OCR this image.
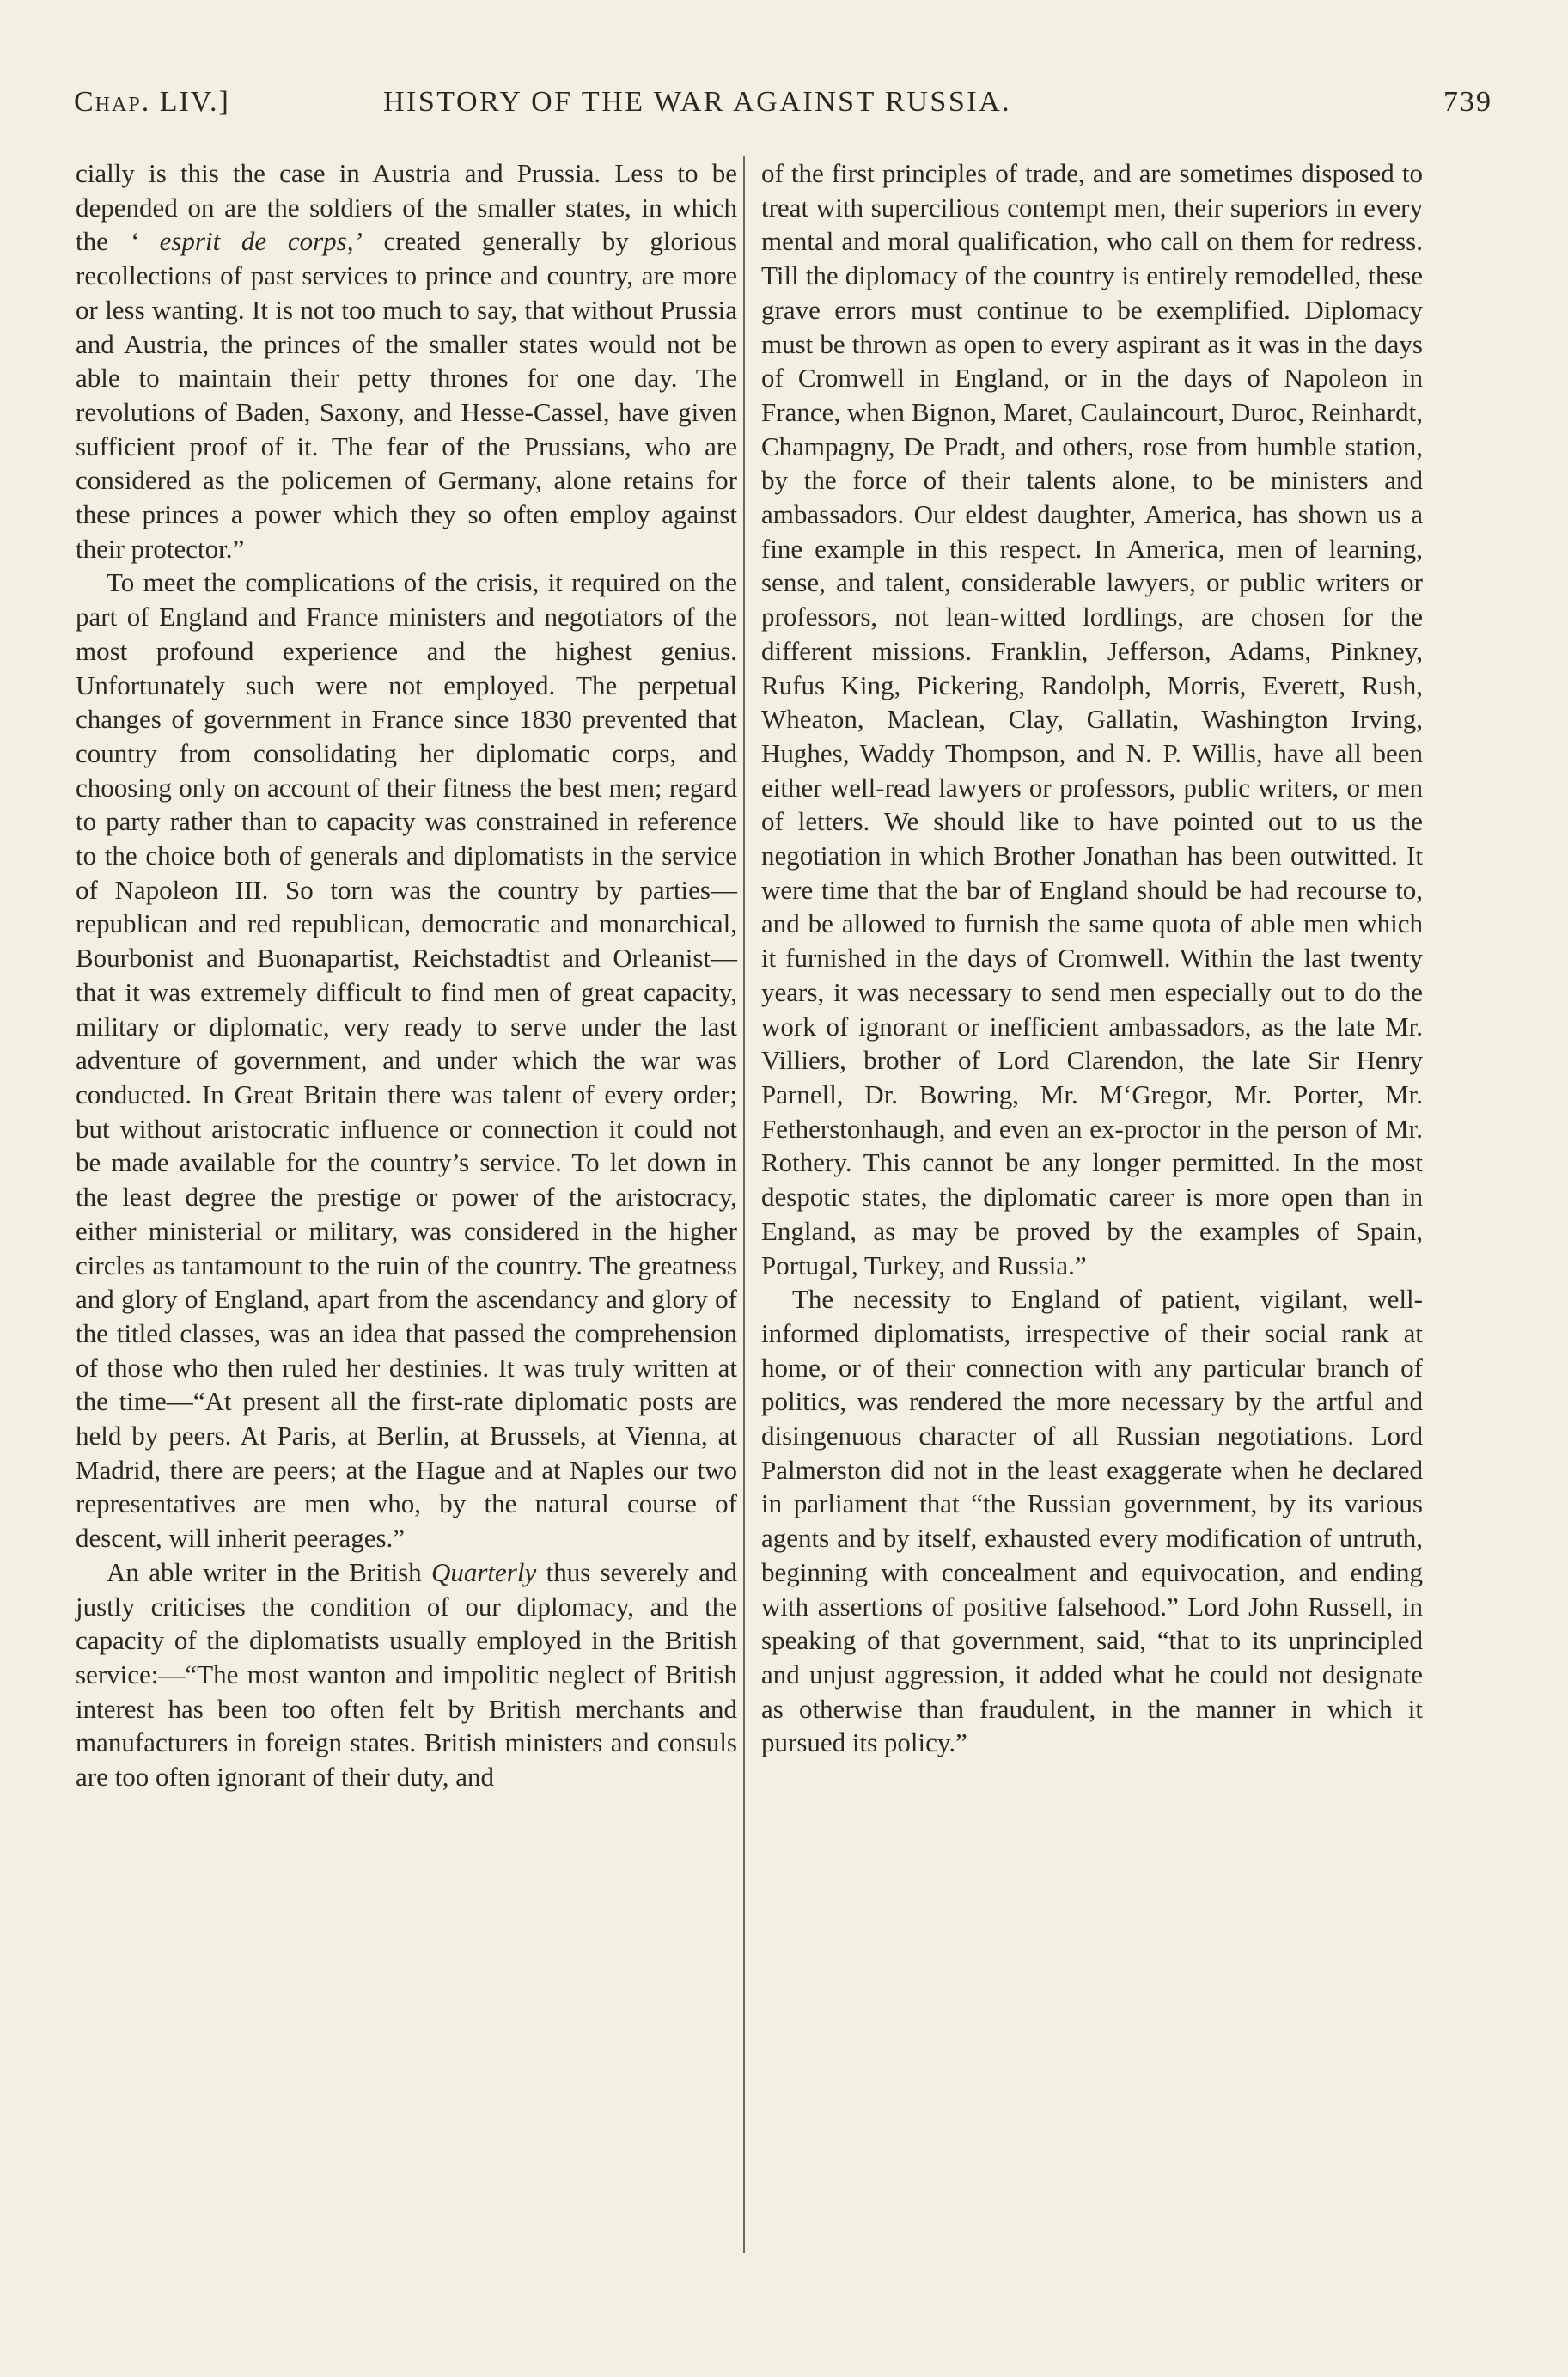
Chap. LIV.]	HISTORY OF THE WAR AGAINST RUSSIA.	739

cially is this the case in Austria and Prussia. Less to be depended on are the soldiers of the smaller states, in which the ‘ esprit de corps,’ created generally by glorious recollections of past services to prince and country, are more or less wanting. It is not too much to say, that without Prussia and Austria, the princes of the smaller states would not be able to maintain their petty thrones for one day. The revolutions of Baden, Saxony, and Hesse-Cassel, have given sufficient proof of it. The fear of the Prussians, who are considered as the policemen of Germany, alone retains for these princes a power which they so often employ against their protector.”

To meet the complications of the crisis, it required on the part of England and France ministers and negotiators of the most profound experience and the highest genius. Unfortunately such were not employed. The perpetual changes of government in France since 1830 prevented that country from consolidating her diplomatic corps, and choosing only on account of their fitness the best men; regard to party rather than to capacity was constrained in reference to the choice both of generals and diplomatists in the service of Napoleon III. So torn was the country by parties—republican and red republican, democratic and monarchical, Bourbonist and Buonapartist, Reichstadtist and Orleanist—that it was extremely difficult to find men of great capacity, military or diplomatic, very ready to serve under the last adventure of government, and under which the war was conducted. In Great Britain there was talent of every order; but without aristocratic influence or connection it could not be made available for the country’s service. To let down in the least degree the prestige or power of the aristocracy, either ministerial or military, was considered in the higher circles as tantamount to the ruin of the country. The greatness and glory of England, apart from the ascendancy and glory of the titled classes, was an idea that passed the comprehension of those who then ruled her destinies. It was truly written at the time—“At present all the first-rate diplomatic posts are held by peers. At Paris, at Berlin, at Brussels, at Vienna, at Madrid, there are peers; at the Hague and at Naples our two representatives are men who, by the natural course of descent, will inherit peerages.”

An able writer in the British Quarterly thus severely and justly criticises the condition of our diplomacy, and the capacity of the diplomatists usually employed in the British service:—“The most wanton and impolitic neglect of British interest has been too often felt by British merchants and manufacturers in foreign states. British ministers and consuls are too often ignorant of their duty, and

of the first principles of trade, and are sometimes disposed to treat with supercilious contempt men, their superiors in every mental and moral qualification, who call on them for redress. Till the diplomacy of the country is entirely remodelled, these grave errors must continue to be exemplified. Diplomacy must be thrown as open to every aspirant as it was in the days of Cromwell in England, or in the days of Napoleon in France, when Bignon, Maret, Caulaincourt, Duroc, Reinhardt, Champagny, De Pradt, and others, rose from humble station, by the force of their talents alone, to be ministers and ambassadors. Our eldest daughter, America, has shown us a fine example in this respect. In America, men of learning, sense, and talent, considerable lawyers, or public writers or professors, not lean-witted lordlings, are chosen for the different missions. Franklin, Jefferson, Adams, Pinkney, Rufus King, Pickering, Randolph, Morris, Everett, Rush, Wheaton, Maclean, Clay, Gallatin, Washington Irving, Hughes, Waddy Thompson, and N. P. Willis, have all been either well-read lawyers or professors, public writers, or men of letters. We should like to have pointed out to us the negotiation in which Brother Jonathan has been outwitted. It were time that the bar of England should be had recourse to, and be allowed to furnish the same quota of able men which it furnished in the days of Cromwell. Within the last twenty years, it was necessary to send men especially out to do the work of ignorant or inefficient ambassadors, as the late Mr. Villiers, brother of Lord Clarendon, the late Sir Henry Parnell, Dr. Bowring, Mr. M‘Gregor, Mr. Porter, Mr. Fetherstonhaugh, and even an ex-proctor in the person of Mr. Rothery. This cannot be any longer permitted. In the most despotic states, the diplomatic career is more open than in England, as may be proved by the examples of Spain, Portugal, Turkey, and Russia.”

The necessity to England of patient, vigilant, well-informed diplomatists, irrespective of their social rank at home, or of their connection with any particular branch of politics, was rendered the more necessary by the artful and disingenuous character of all Russian negotiations. Lord Palmerston did not in the least exaggerate when he declared in parliament that “the Russian government, by its various agents and by itself, exhausted every modification of untruth, beginning with concealment and equivocation, and ending with assertions of positive falsehood.” Lord John Russell, in speaking of that government, said, “that to its unprincipled and unjust aggression, it added what he could not designate as otherwise than fraudulent, in the manner in which it pursued its policy.”
